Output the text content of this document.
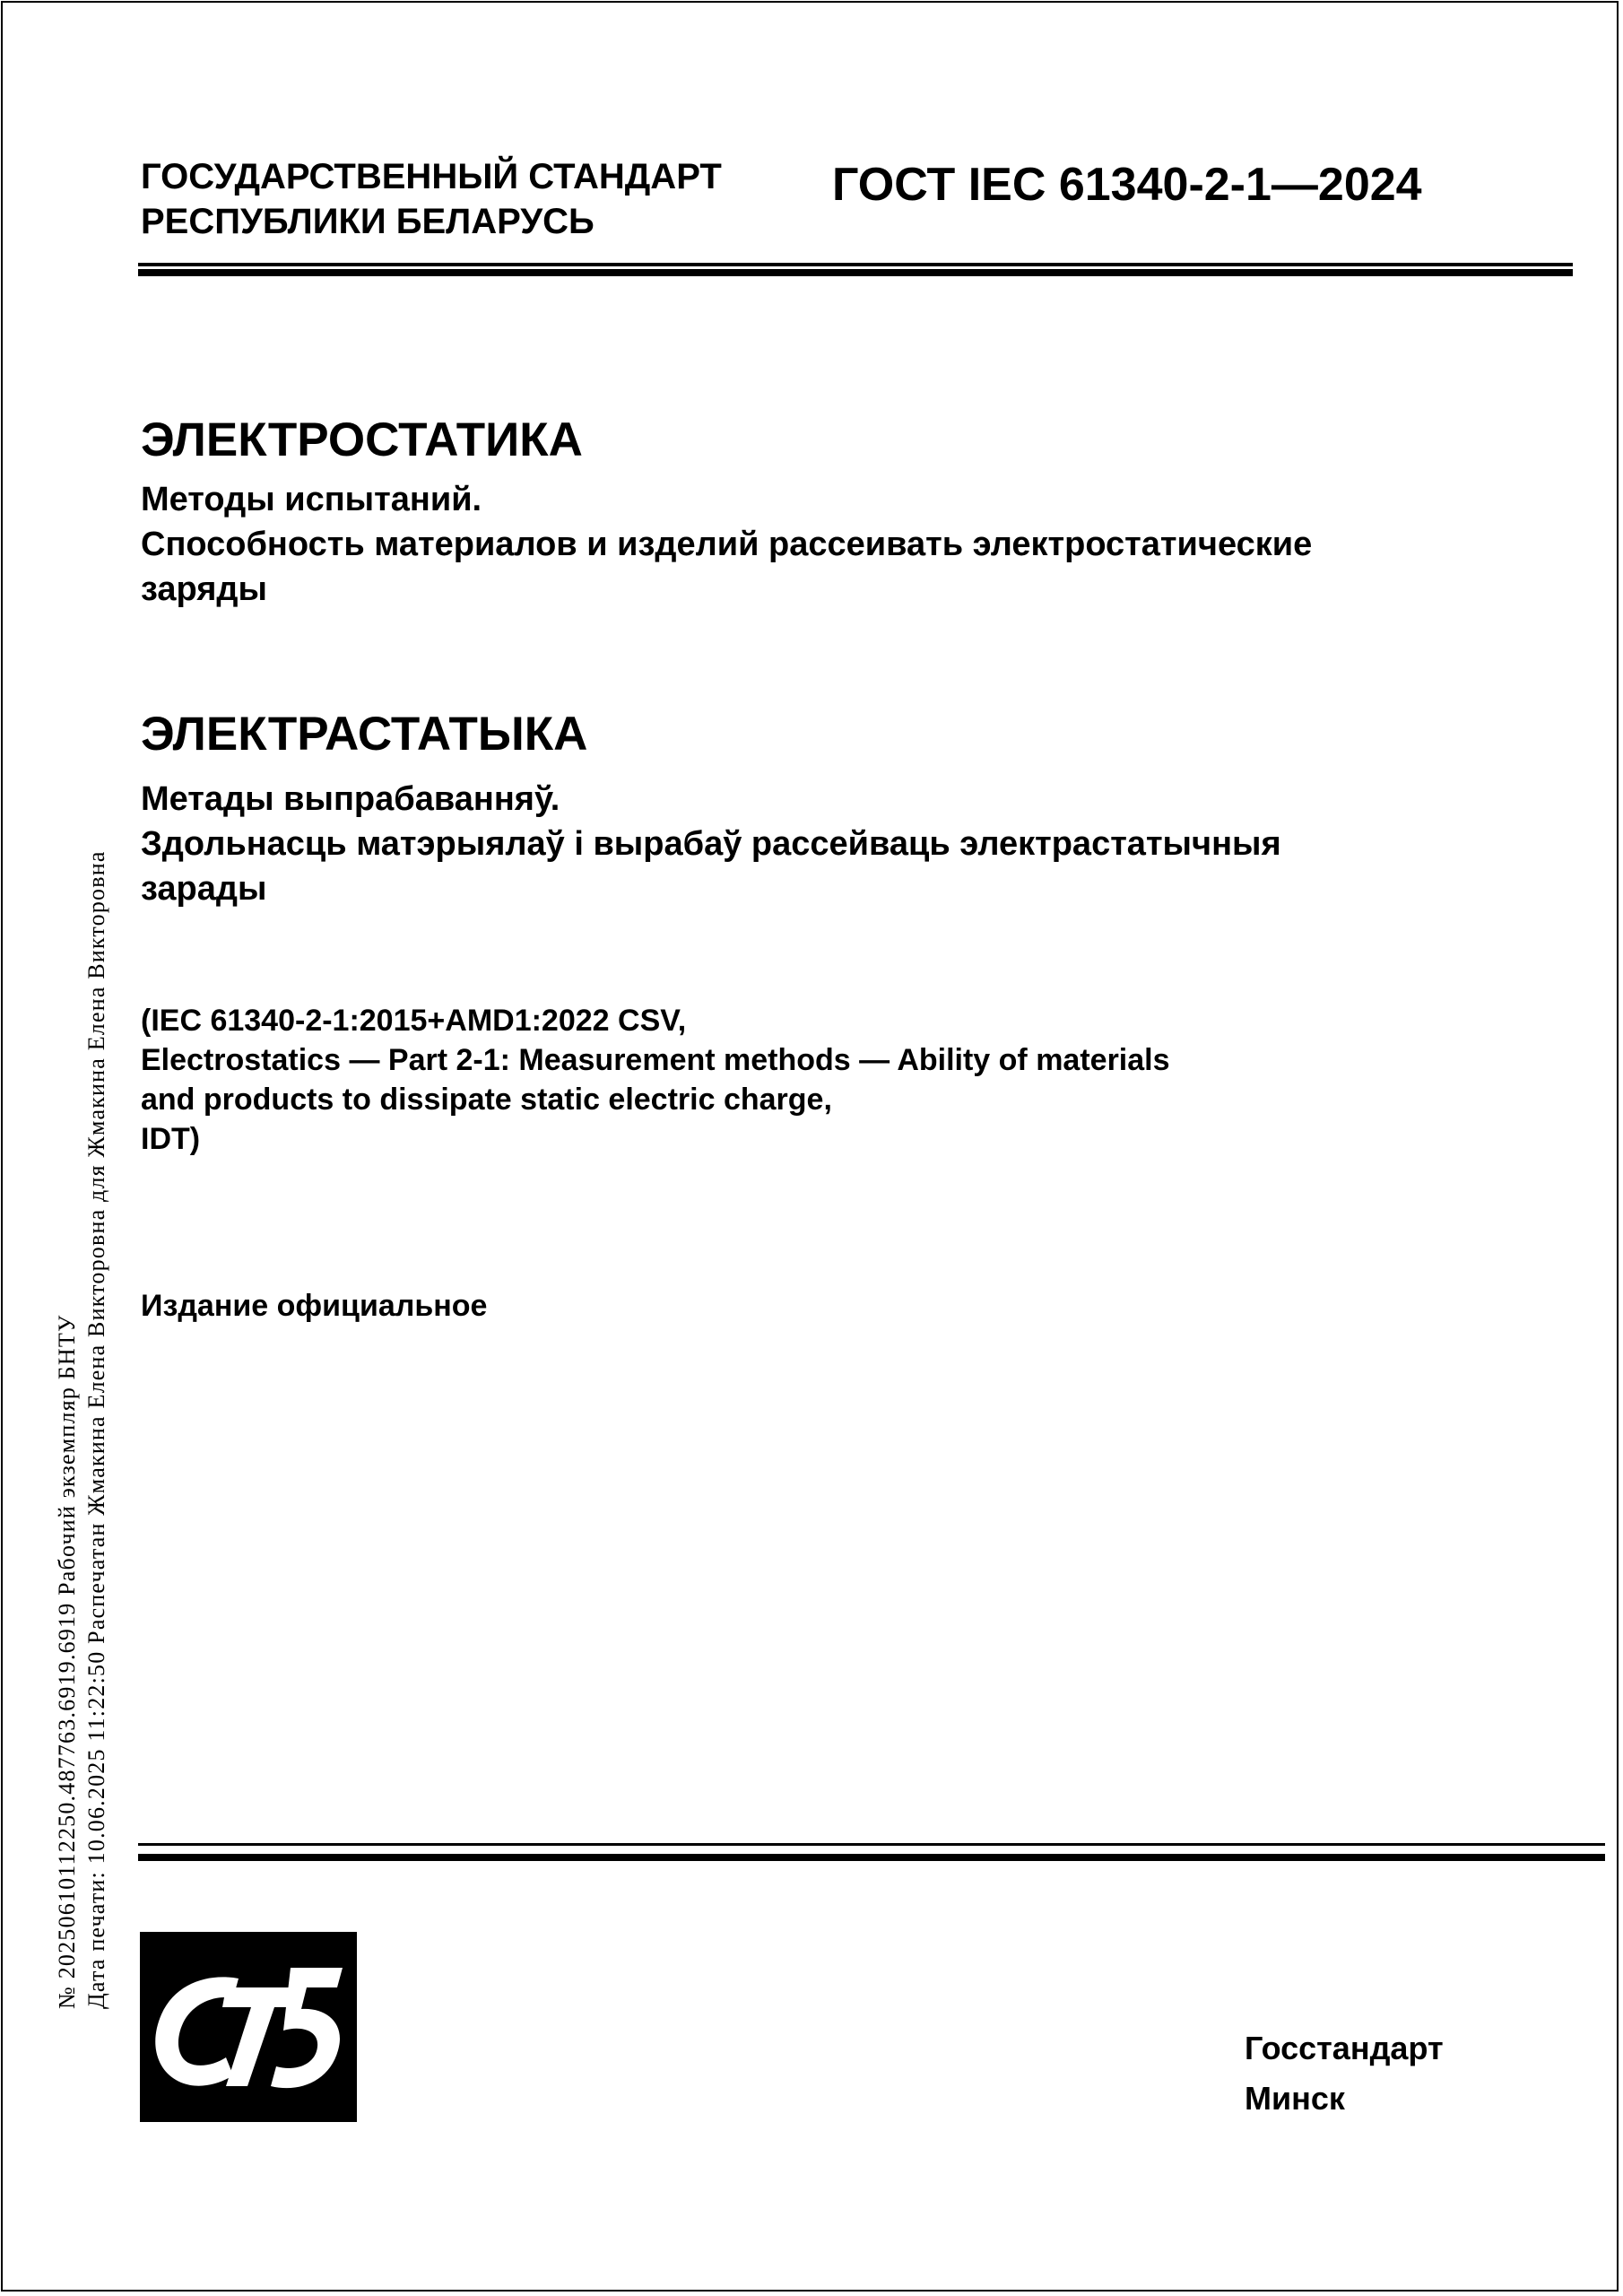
№ 20250610112250.487763.6919.6919 Рабочий экземпляр БНТУ Дата печати: 10.06.2025 11:22:50 Распечатан Жмакина Елена Викторовна для Жмакина Елена Викторовна
ГОСУДАРСТВЕННЫЙ СТАНДАРТ
РЕСПУБЛИКИ БЕЛАРУСЬ
ГОСТ IEC 61340-2-1—2024
ЭЛЕКТРОСТАТИКА
Методы испытаний.
Способность материалов и изделий рассеивать электростатические
заряды
ЭЛЕКТРАСТАТЫКА
Метады выпрабаванняў.
Здольнасць матэрыялаў і вырабаў рассейваць электрастатычныя
зарады
(IEC 61340-2-1:2015+AMD1:2022 CSV,
Electrostatics — Part 2-1: Measurement methods — Ability of materials
and products to dissipate static electric charge,
IDT)
Издание официальное
Госстандарт
Минск
